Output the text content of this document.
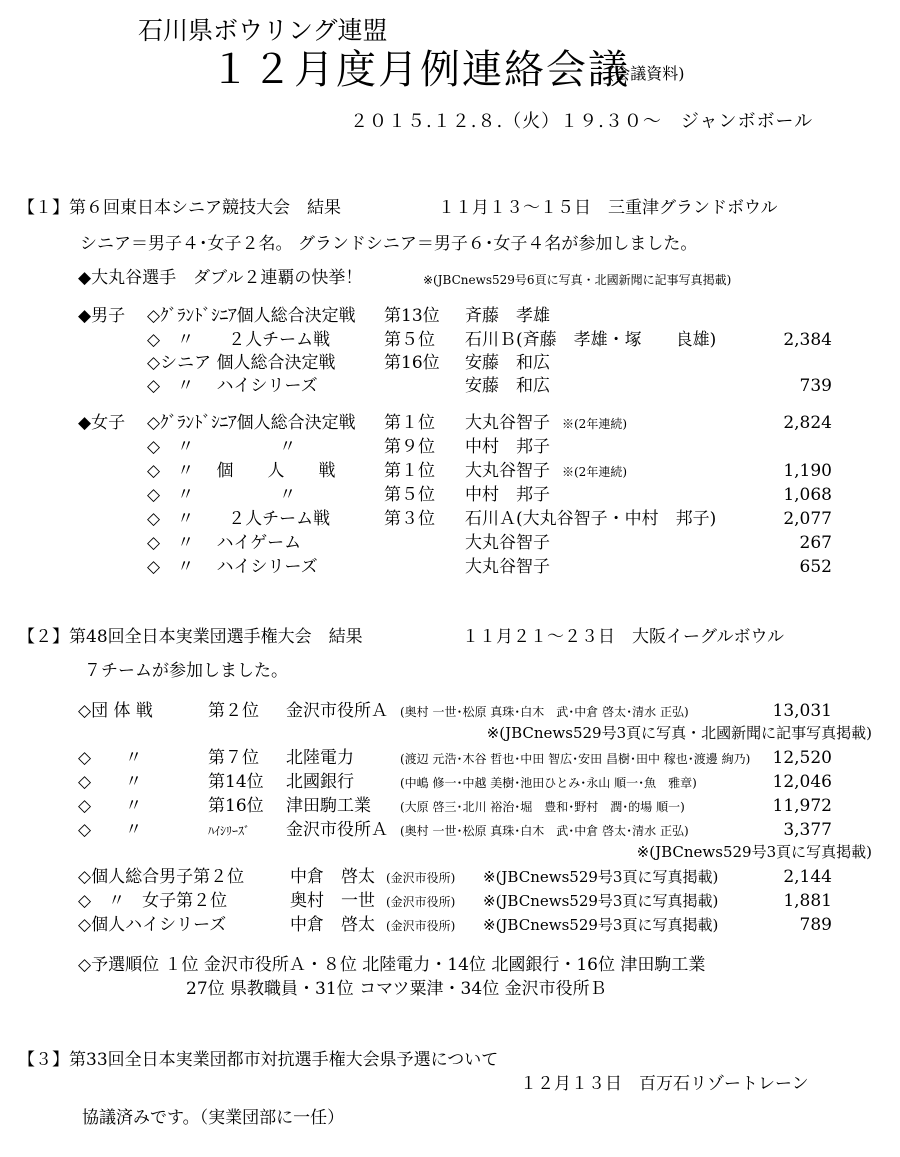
石川県ボウリング連盟
１２月度月例連絡会議
(会議資料)
２０１５.１２.８.（火）１９.３０～　ジャンボボール
【１】第６回東日本シニア競技大会　結果	１１月１３～１５日　三重津グランドボウル
シニア＝男子４･女子２名。 グランドシニア＝男子６･女子４名が参加しました。
◆大丸谷選手　ダブル２連覇の快挙！	※(JBCnews529号6頁に写真・北國新聞に記事写真掲載)
◆男子
◆女子
◇ｸﾞﾗﾝﾄﾞｼﾆｱ個人総合決定戦 第13位 斉藤　孝雄
◇　〃　　２人チーム戦	第５位 石川Ｂ(斉藤　孝雄・塚　　良雄)	2,384
◇シニア 個人総合決定戦	第16位 安藤　和広
◇　〃　 ハイシリーズ	安藤　和広	739
◇ｸﾞﾗﾝﾄﾞｼﾆｱ個人総合決定戦 第１位 大丸谷智子 ※(2年連続)	2,824
◇　〃　　　　　〃	第９位 中村　邦子
◇　〃　 個　　人　　戦	第１位 大丸谷智子 ※(2年連続)	1,190
◇　〃　　　　　〃	第５位 中村　邦子	1,068
◇　〃　　２人チーム戦	第３位 石川Ａ(大丸谷智子・中村　邦子)	2,077
◇　〃　 ハイゲーム	大丸谷智子	267
◇　〃　 ハイシリーズ	大丸谷智子	652
【２】第48回全日本実業団選手権大会　結果	１１月２１～２３日　大阪イーグルボウル
７チームが参加しました。
◇団 体 戦	第２位 金沢市役所Ａ (奥村 一世･松原 真珠･白木　武･中倉 啓太･清水 正弘)	13,031
※(JBCnews529号3頁に写真・北國新聞に記事写真掲載)
◇　　〃	第７位 北陸電力	(渡辺 元浩･木谷 哲也･中田 智広･安田 昌樹･田中 稼也･渡邊 絢乃) 12,520
◇　　〃	第14位 北國銀行	(中嶋 修一･中越 美樹･池田ひとみ･永山 順一･魚　雅章)	12,046
◇　　〃	第16位 津田駒工業 (大原 啓三･北川 裕治･堀　豊和･野村　潤･的場 順一)	11,972
◇　　〃	ﾊｲｼﾘｰｽﾞ 金沢市役所Ａ (奥村 一世･松原 真珠･白木　武･中倉 啓太･清水 正弘)	3,377
※(JBCnews529号3頁に写真掲載)
◇個人総合男子第２位	中倉　啓太 (金沢市役所) ※(JBCnews529号3頁に写真掲載)	2,144
◇　〃　女子第２位	奥村　一世 (金沢市役所) ※(JBCnews529号3頁に写真掲載)	1,881
◇個人ハイシリーズ	中倉　啓太 (金沢市役所) ※(JBCnews529号3頁に写真掲載)	789
◇予選順位 １位 金沢市役所Ａ・８位 北陸電力・14位 北國銀行・16位 津田駒工業
27位 県教職員・31位 コマツ粟津・34位 金沢市役所Ｂ
【３】第33回全日本実業団都市対抗選手権大会県予選について
１２月１３日　百万石リゾートレーン
協議済みです。（実業団部に一任）
